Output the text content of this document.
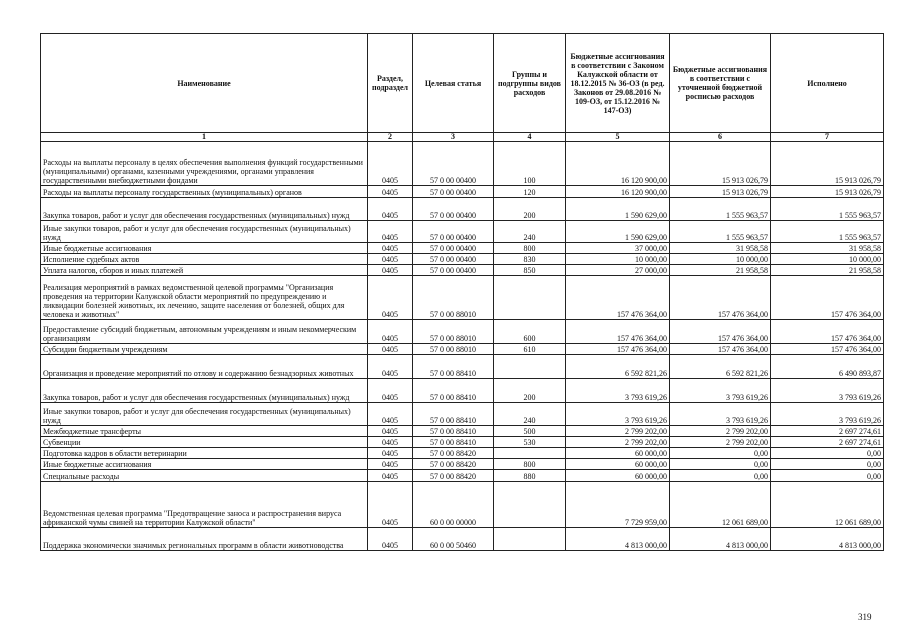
Наименование	Раздел, подраздел	Целевая статья	Группы и подгруппы видов расходов	Бюджетные ассигнования в соответствии с Законом Калужской области от 18.12.2015 № 36-ОЗ (в ред. Законов от 29.08.2016 № 109-ОЗ, от 15.12.2016 № 147-ОЗ)	Бюджетные ассигнования в соответствии с уточненной бюджетной росписью расходов	Исполнено
1	2	3	4	5	6	7
Расходы на выплаты персоналу в целях обеспечения выполнения функций государственными (муниципальными) органами, казенными учреждениями, органами управления государственными внебюджетными фондами	0405	57 0 00 00400	100	16 120 900,00	15 913 026,79	15 913 026,79
Расходы на выплаты персоналу государственных (муниципальных) органов	0405	57 0 00 00400	120	16 120 900,00	15 913 026,79	15 913 026,79
Закупка товаров, работ и услуг для обеспечения государственных (муниципальных) нужд	0405	57 0 00 00400	200	1 590 629,00	1 555 963,57	1 555 963,57
Иные закупки товаров, работ и услуг для обеспечения государственных (муниципальных) нужд	0405	57 0 00 00400	240	1 590 629,00	1 555 963,57	1 555 963,57
Иные бюджетные ассигнования	0405	57 0 00 00400	800	37 000,00	31 958,58	31 958,58
Исполнение судебных актов	0405	57 0 00 00400	830	10 000,00	10 000,00	10 000,00
Уплата налогов, сборов и иных платежей	0405	57 0 00 00400	850	27 000,00	21 958,58	21 958,58
Реализация мероприятий в рамках ведомственной целевой программы "Организация проведения на территории Калужской области мероприятий по предупреждению и ликвидации болезней животных, их лечению, защите населения от болезней, общих для человека и животных"	0405	57 0 00 88010		157 476 364,00	157 476 364,00	157 476 364,00
Предоставление субсидий бюджетным, автономным учреждениям и иным некоммерческим организациям	0405	57 0 00 88010	600	157 476 364,00	157 476 364,00	157 476 364,00
Субсидии бюджетным учреждениям	0405	57 0 00 88010	610	157 476 364,00	157 476 364,00	157 476 364,00
Организация и проведение мероприятий по отлову и содержанию безнадзорных животных	0405	57 0 00 88410		6 592 821,26	6 592 821,26	6 490 893,87
Закупка товаров, работ и услуг для обеспечения государственных (муниципальных) нужд	0405	57 0 00 88410	200	3 793 619,26	3 793 619,26	3 793 619,26
Иные закупки товаров, работ и услуг для обеспечения государственных (муниципальных) нужд	0405	57 0 00 88410	240	3 793 619,26	3 793 619,26	3 793 619,26
Межбюджетные трансферты	0405	57 0 00 88410	500	2 799 202,00	2 799 202,00	2 697 274,61
Субвенции	0405	57 0 00 88410	530	2 799 202,00	2 799 202,00	2 697 274,61
Подготовка кадров в области ветеринарии	0405	57 0 00 88420		60 000,00	0,00	0,00
Иные бюджетные ассигнования	0405	57 0 00 88420	800	60 000,00	0,00	0,00
Специальные расходы	0405	57 0 00 88420	880	60 000,00	0,00	0,00
Ведомственная целевая программа "Предотвращение заноса и распространения вируса африканской чумы свиней на территории Калужской области"	0405	60 0 00 00000		7 729 959,00	12 061 689,00	12 061 689,00
Поддержка экономически значимых региональных программ в области животноводства	0405	60 0 00 50460		4 813 000,00	4 813 000,00	4 813 000,00
319
